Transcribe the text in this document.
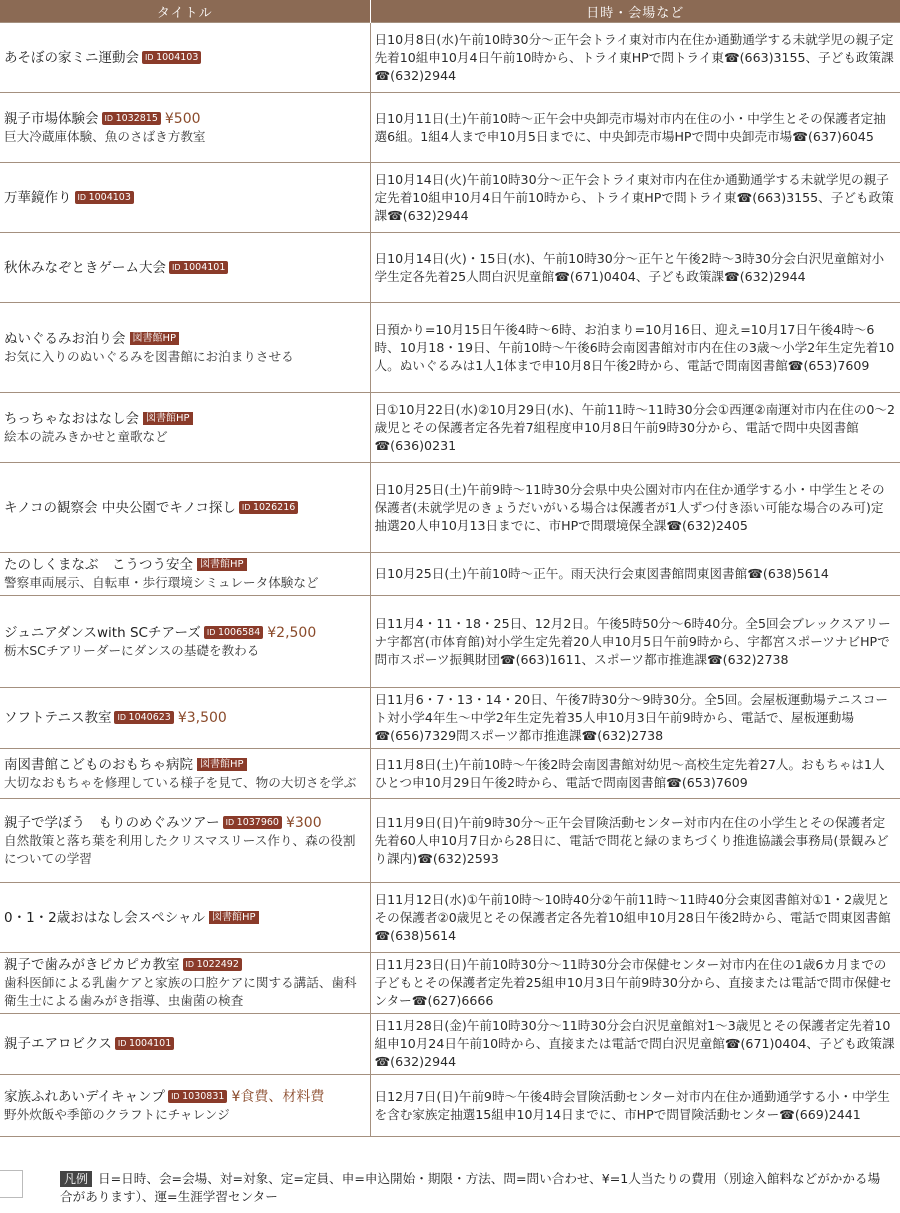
タイトル	日時・会場など
あそぼの家ミニ運動会 ID 1004103	日10月8日(水)午前10時30分～正午会トライ東対市内在住か通勤通学する未就学児の親子定先着10組申10月4日午前10時から、トライ東HPで問トライ東☎(663)3155、子ども政策課☎(632)2944
親子市場体験会 ID 1032815 ¥500
巨大冷蔵庫体験、魚のさばき方教室	日10月11日(土)午前10時～正午会中央卸売市場対市内在住の小・中学生とその保護者定抽選6組。1組4人まで申10月5日までに、中央卸売市場HPで問中央卸売市場☎(637)6045
万華鏡作り ID 1004103	日10月14日(火)午前10時30分～正午会トライ東対市内在住か通勤通学する未就学児の親子定先着10組申10月4日午前10時から、トライ東HPで問トライ東☎(663)3155、子ども政策課☎(632)2944
秋休みなぞときゲーム大会 ID 1004101	日10月14日(火)・15日(水)、午前10時30分～正午と午後2時～3時30分会白沢児童館対小学生定各先着25人問白沢児童館☎(671)0404、子ども政策課☎(632)2944
ぬいぐるみお泊り会 図書館HP
お気に入りのぬいぐるみを図書館にお泊まりさせる	日預かり=10月15日午後4時～6時、お泊まり=10月16日、迎え=10月17日午後4時～6時、10月18・19日、午前10時～午後6時会南図書館対市内在住の3歳～小学2年生定先着10人。ぬいぐるみは1人1体まで申10月8日午後2時から、電話で問南図書館☎(653)7609
ちっちゃなおはなし会 図書館HP
絵本の読みきかせと童歌など	日①10月22日(水)②10月29日(水)、午前11時～11時30分会①西運②南運対市内在住の0～2歳児とその保護者定各先着7組程度申10月8日午前9時30分から、電話で問中央図書館☎(636)0231
キノコの観察会 中央公園でキノコ探し ID 1026216	日10月25日(土)午前9時～11時30分会県中央公園対市内在住か通学する小・中学生とその保護者(未就学児のきょうだいがいる場合は保護者が1人ずつ付き添い可能な場合のみ可)定抽選20人申10月13日までに、市HPで問環境保全課☎(632)2405
たのしくまなぶ　こうつう安全 図書館HP
警察車両展示、自転車・歩行環境シミュレータ体験など	日10月25日(土)午前10時～正午。雨天決行会東図書館問東図書館☎(638)5614
ジュニアダンスwith SCチアーズ ID 1006584 ¥2,500
栃木SCチアリーダーにダンスの基礎を教わる	日11月4・11・18・25日、12月2日。午後5時50分～6時40分。全5回会ブレックスアリーナ宇都宮(市体育館)対小学生定先着20人申10月5日午前9時から、宇都宮スポーツナビHPで問市スポーツ振興財団☎(663)1611、スポーツ都市推進課☎(632)2738
ソフトテニス教室 ID 1040623 ¥3,500	日11月6・7・13・14・20日、午後7時30分～9時30分。全5回。会屋板運動場テニスコート対小学4年生～中学2年生定先着35人申10月3日午前9時から、電話で、屋板運動場☎(656)7329問スポーツ都市推進課☎(632)2738
南図書館こどものおもちゃ病院 図書館HP
大切なおもちゃを修理している様子を見て、物の大切さを学ぶ	日11月8日(土)午前10時～午後2時会南図書館対幼児～高校生定先着27人。おもちゃは1人ひとつ申10月29日午後2時から、電話で問南図書館☎(653)7609
親子で学ぼう　もりのめぐみツアー ID 1037960 ¥300
自然散策と落ち葉を利用したクリスマスリース作り、森の役割についての学習	日11月9日(日)午前9時30分～正午会冒険活動センター対市内在住の小学生とその保護者定先着60人申10月7日から28日に、電話で問花と緑のまちづくり推進協議会事務局(景観みどり課内)☎(632)2593
0・1・2歳おはなし会スペシャル 図書館HP	日11月12日(水)①午前10時～10時40分②午前11時～11時40分会東図書館対①1・2歳児とその保護者②0歳児とその保護者定各先着10組申10月28日午後2時から、電話で問東図書館☎(638)5614
親子で歯みがきピカピカ教室 ID 1022492
歯科医師による乳歯ケアと家族の口腔ケアに関する講話、歯科衛生士による歯みがき指導、虫歯菌の検査	日11月23日(日)午前10時30分～11時30分会市保健センター対市内在住の1歳6カ月までの子どもとその保護者定先着25組申10月3日午前9時30分から、直接または電話で問市保健センター☎(627)6666
親子エアロビクス ID 1004101	日11月28日(金)午前10時30分～11時30分会白沢児童館対1～3歳児とその保護者定先着10組申10月24日午前10時から、直接または電話で問白沢児童館☎(671)0404、子ども政策課☎(632)2944
家族ふれあいデイキャンプ ID 1030831 ¥食費、材料費
野外炊飯や季節のクラフトにチャレンジ	日12月7日(日)午前9時～午後4時会冒険活動センター対市内在住か通勤通学する小・中学生を含む家族定抽選15組申10月14日までに、市HPで問冒険活動センター☎(669)2441
凡例 日=日時、会=会場、対=対象、定=定員、申=申込開始・期限・方法、問=問い合わせ、¥=1人当たりの費用（別途入館料などがかかる場合があります）、運=生涯学習センター
